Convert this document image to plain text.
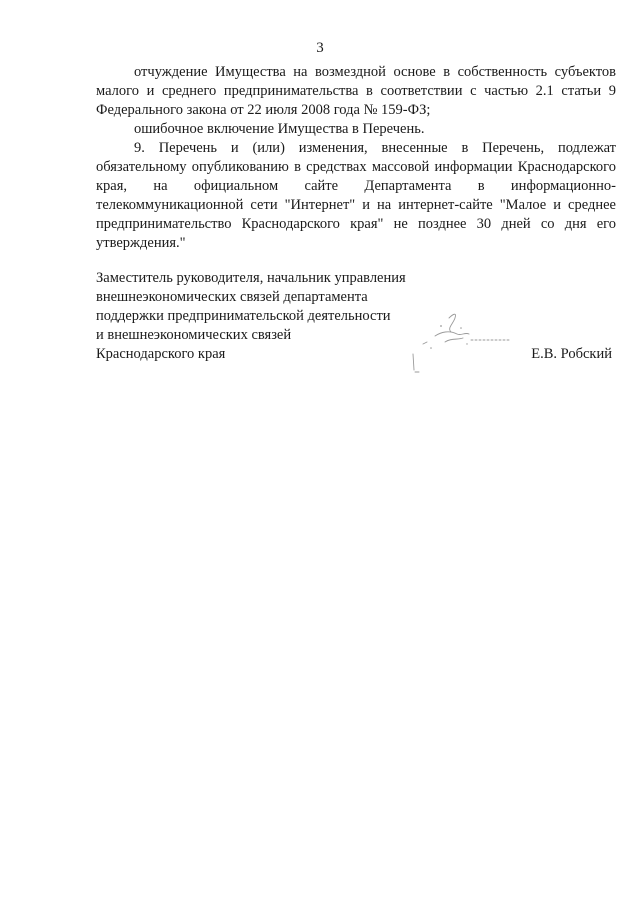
3

отчуждение Имущества на возмездной основе в собственность субъектов малого и среднего предпринимательства в соответствии с частью 2.1 статьи 9 Федерального закона от 22 июля 2008 года № 159-ФЗ;

ошибочное включение Имущества в Перечень.

9. Перечень и (или) изменения, внесенные в Перечень, подлежат обязательному опубликованию в средствах массовой информации Краснодарского края, на официальном сайте Департамента в информационно-телекоммуникационной сети "Интернет" и на интернет-сайте "Малое и среднее предпринимательство Краснодарского края" не позднее 30 дней со дня его утверждения."

Заместитель руководителя, начальник управления
внешнеэкономических связей департамента
поддержки предпринимательской деятельности
и внешнеэкономических связей
Краснодарского края	Е.В. Робский
